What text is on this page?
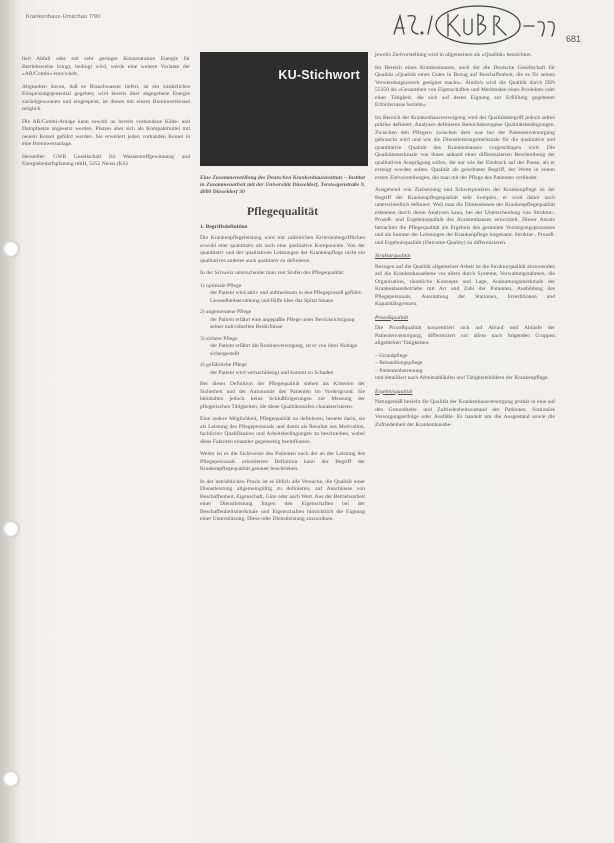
Krankenhaus-Umschau 7/90
681

liert Abfall oder mit sehr geringer Konzentration Energie für Betriebsweise bringt, bedingt wird, werde eine weitere Variante der »AR/Combi« entwickelt.

Abgesehen davon, daß es Brauchwasser liefert, ist ein zusätzliches Einspeisungspotential gegeben; wird bereits über abgegebene Energie zurückgewonnen und eingespeist, ist dieses mit einem Brennwertkessel möglich.

Die AR/Combi-Anlage kann sowohl an bereits vorhandene Kälte- und Dampfnetze angesetzt werden. Platzes aber sich als Kompaktmittel mit neuem Kessel geführt werden. Sie erweitert jeden vorhanden Kessel in eine Brennwertanlage.

Hersteller: GWB Gesellschaft für Wasserstoffgewinnung und Energiebedarfsplanung mbH, 5252 Neuss (KS)

KU-Stichwort

Eine Zusammenstellung des Deutschen Krankenhausinstituts – Institut in Zusammenarbeit mit der Universität Düsseldorf, Tersteegenstraße 9, 4000 Düsseldorf 30

Pflegequalität
1. Begriffsdefinition

Die Krankenpflegeleistung wird mit zahlreichen Kriterienbegrifflichen sowohl eine quantitativ als auch eine qualitative Komponente. Von der quantitativ und der qualitativen Leistungen der Krankenpflege nicht ein qualitatives anderes auch qualitativ zu definieren.

In der Schweiz unterscheidet man vier Stufen der Pflegequalität:

1) optimale Pflege
der Patient wird aktiv und aufmerksam in den Pflegeprozeß geführt. Gesundheitserziehung und Hilfe über das Spital hinaus
2) angemessene Pflege
der Patient erfährt eine angepaßte Pflege unter Berücksichtigung seiner individuellen Bedürfnisse
3) sichere Pflege
der Patient erfährt die Routineversorgung, ist er von ihrer Notlage sichergestellt
4) gefährliche Pflege
der Patient wird vernachlässigt und kommt zu Schaden

Bei dieser Definition der Pflegequalität stehen als Kriterien der Sicherheit und der Autonomie des Patienten im Vordergrund. Sie beinhalten jedoch keine Schlußfolgerungen zur Messung der pflegerischen Tätigkeiten, die diese Qualitätsstufen charakterisieren.

Eine andere Möglichkeit, Pflegequalität zu definieren, besteht darin, sie als Leistung des Pflegepersonals und damit als Resultat aus Motivation, fachlicher Qualifikation und Arbeitsbedingungen zu beschreiben, wobei diese Faktoren einander gegenseitig beeinflussen.

Weiter ist es die Sichtweise des Patienten nach der an der Leistung des Pflegepersonals orientierten Definition kann der Begriff der Krankenpflegequalität genauer beschrieben.

In der betrieblichen Praxis ist es üblich alle Versuche, die Qualität einer Dienstleistung allgemeingültig zu definieren, auf Anschlusse von Beschaffenheit, Eigenschaft, Güte oder auch Wert. Aus der Betriebsarbeit einer Dienstleistung folgen den Eigenschaften bei der Beschaffenheitsmerkmale und Eigenschaften hinsichtlich die Eignung einer Unterstützung. Diese oder Dienstleistung zuzuordnen.

jeweils Zielvorstellung wird in allgemeinen als »Qualität« bezeichnet.

Im Bereich eines Krankenhauses, auch der die Deutsche Gesellschaft für Qualität »Qualität eines Gutes in Bezug auf Beschaffenheit, die es für seinen Verwendungszweck geeignet macht«. Ähnlich wird die Qualität durch DIN 55350 als »Gesamtheit von Eigenschaften und Merkmalen eines Produktes oder einer Tätigkeit, die sich auf deren Eignung zur Erfüllung gegebener Erfordernisse bezieht«.

Im Bereich der Krankenhausversorgung wird der Qualitätsbegriff jedoch selten präzise definiert. Analysen definieren Bereichsbezogene Qualitätsbedingungen. Zwischen den Pflegern zwischen dem was bei der Patientenversorgung gebraucht wird und wie die Dienstleistungsmerkmale für die qualitative und quantitative Qualität des Krankenhauses vorgeschlagen wird. Die Qualitätsmerkmale von ihnen anhand einer differenzierten Beschreibung der qualitativen Ausprägung sollen, die nur wie der Eindruck auf der Pause, als er erzeugt worden sollen. Qualität als geordneter Begriff, der Werte in einem ersten Zielvorstellungen, die man mit der Pflege des Patienten verbindet.

Ausgehend von Zielsetzung und Schwerpunkten der Krankenpflege ist der Begriff der Krankenpflegequalität sehr komplex, er wird daher auch unterschiedlich definiert. Weil man die Dimensionen der Krankenpflegequalität erkennen durch deren Analysen kann, bei der Unterscheidung von Struktur-, Prozeß- und Ergebnisqualität des Krankenhauses entwickelt. Dieser Ansatz betrachtet die Pflegequalität als Ergebnis des gesamten Versorgungsprozesses und als Summe der Leistungen der Krankenpflege insgesamt. Struktur-, Prozeß- und Ergebnisqualität (Outcome-Quality) zu differenzieren.

Strukturqualität

Bezogen auf die Qualität allgemeiner Arbeit ist die Strukturqualität abzuwenden auf die Krankenhausebene vor allem durch Systeme, Verwaltungsrahmen, die Organisation, räumliche Konzepte und Lage, Ausstattungsmerkmale der Krankenhausbetriebe mit Art und Zahl der Patienten, Ausbildung des Pflegepersonals, Ausstattung der Stationen, Investitionen und Kapazitätsgrenzen.

Prozeßqualität

Die Prozeßqualität konzentriert sich auf Ablauf und Abläufe der Patientenversorgung, differenziert vor allem nach folgenden Gruppen allgemeiner Tätigkeiten:

– Grundpflege
– Behandlungspflege
– Patientenbetreuung

und detailliert nach Arbeitsabläufen und Tätigkeitsbildern der Krankenpflege.

Ergebnisqualität

Naturgemäß bezieht die Qualität der Krankenhausversorgung primär in eine auf den Gesundheits- und Zufriedenheitszustand der Patienten. Stationäre Versorgungserfolge oder Ausfälle. Es handelt um die Ausgestand sowie die Zufriedenheit der Krankenhausbe-
